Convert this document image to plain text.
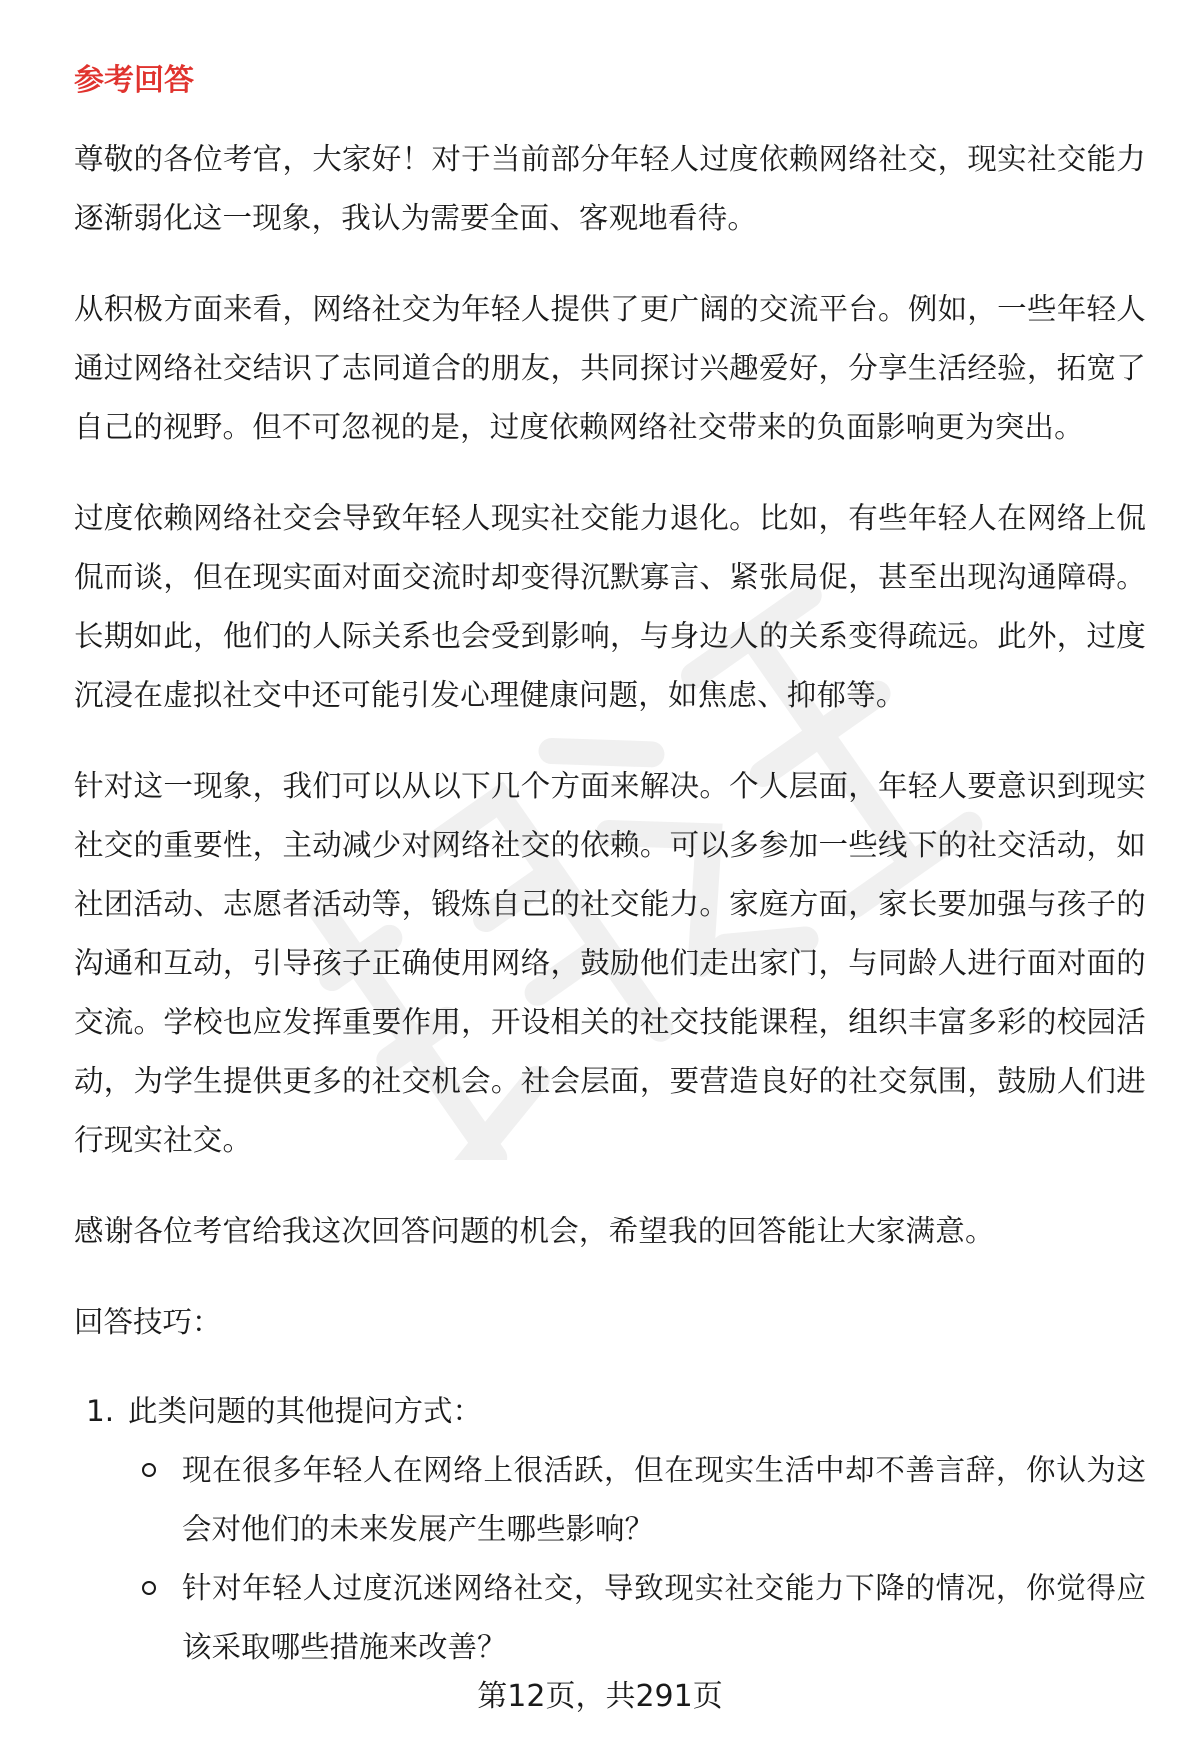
参考回答

尊敬的各位考官，大家好！对于当前部分年轻人过度依赖网络社交，现实社交能力逐渐弱化这一现象，我认为需要全面、客观地看待。

从积极方面来看，网络社交为年轻人提供了更广阔的交流平台。例如，一些年轻人通过网络社交结识了志同道合的朋友，共同探讨兴趣爱好，分享生活经验，拓宽了自己的视野。但不可忽视的是，过度依赖网络社交带来的负面影响更为突出。

过度依赖网络社交会导致年轻人现实社交能力退化。比如，有些年轻人在网络上侃侃而谈，但在现实面对面交流时却变得沉默寡言、紧张局促，甚至出现沟通障碍。长期如此，他们的人际关系也会受到影响，与身边人的关系变得疏远。此外，过度沉浸在虚拟社交中还可能引发心理健康问题，如焦虑、抑郁等。

针对这一现象，我们可以从以下几个方面来解决。个人层面，年轻人要意识到现实社交的重要性，主动减少对网络社交的依赖。可以多参加一些线下的社交活动，如社团活动、志愿者活动等，锻炼自己的社交能力。家庭方面，家长要加强与孩子的沟通和互动，引导孩子正确使用网络，鼓励他们走出家门，与同龄人进行面对面的交流。学校也应发挥重要作用，开设相关的社交技能课程，组织丰富多彩的校园活动，为学生提供更多的社交机会。社会层面，要营造良好的社交氛围，鼓励人们进行现实社交。

感谢各位考官给我这次回答问题的机会，希望我的回答能让大家满意。

回答技巧：
1. 此类问题的其他提问方式：
现在很多年轻人在网络上很活跃，但在现实生活中却不善言辞，你认为这会对他们的未来发展产生哪些影响？
针对年轻人过度沉迷网络社交，导致现实社交能力下降的情况，你觉得应该采取哪些措施来改善？
第12页，共291页
